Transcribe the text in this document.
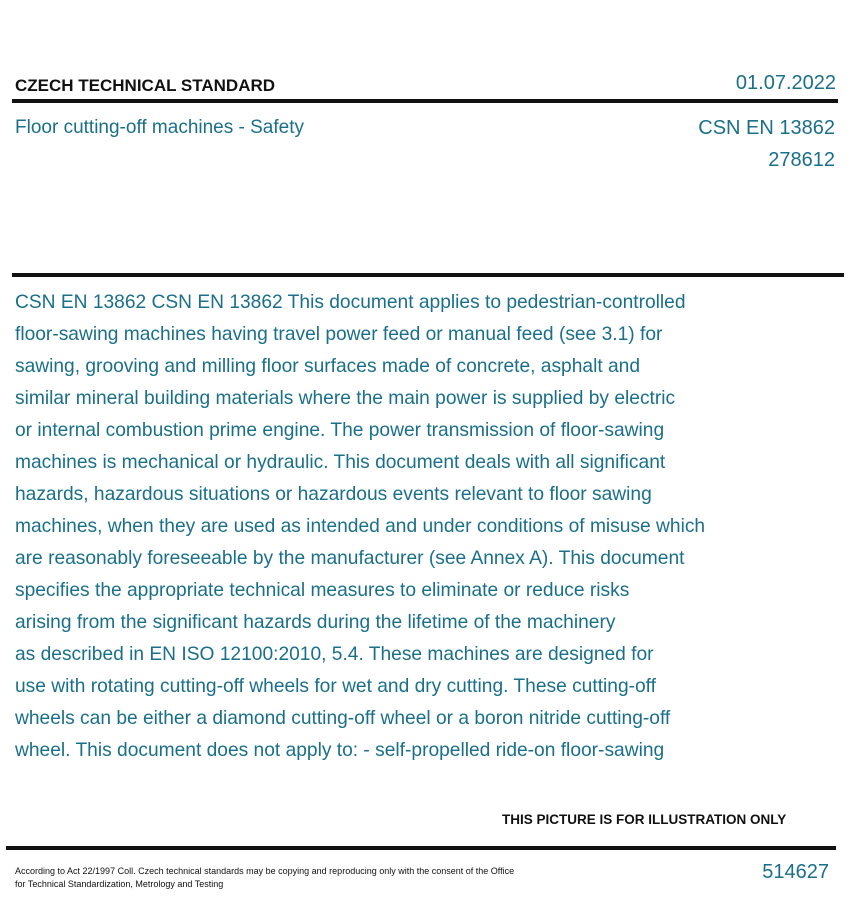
CZECH TECHNICAL STANDARD	01.07.2022
Floor cutting-off machines - Safety	CSN EN 13862
278612
CSN EN 13862 CSN EN 13862 This document applies to pedestrian-controlled
floor-sawing machines having travel power feed or manual feed (see 3.1) for
sawing, grooving and milling floor surfaces made of concrete, asphalt and
similar mineral building materials where the main power is supplied by electric
or internal combustion prime engine. The power transmission of floor-sawing
machines is mechanical or hydraulic. This document deals with all significant
hazards, hazardous situations or hazardous events relevant to floor sawing
machines, when they are used as intended and under conditions of misuse which
are reasonably foreseeable by the manufacturer (see Annex A). This document
specifies the appropriate technical measures to eliminate or reduce risks
arising from the significant hazards during the lifetime of the machinery
as described in EN ISO 12100:2010, 5.4. These machines are designed for
use with rotating cutting-off wheels for wet and dry cutting. These cutting-off
wheels can be either a diamond cutting-off wheel or a boron nitride cutting-off
wheel. This document does not apply to: - self-propelled ride-on floor-sawing
THIS PICTURE IS FOR ILLUSTRATION ONLY
According to Act 22/1997 Coll. Czech technical standards may be copying and reproducing only with the consent of the Office
for Technical Standardization, Metrology and Testing
514627
